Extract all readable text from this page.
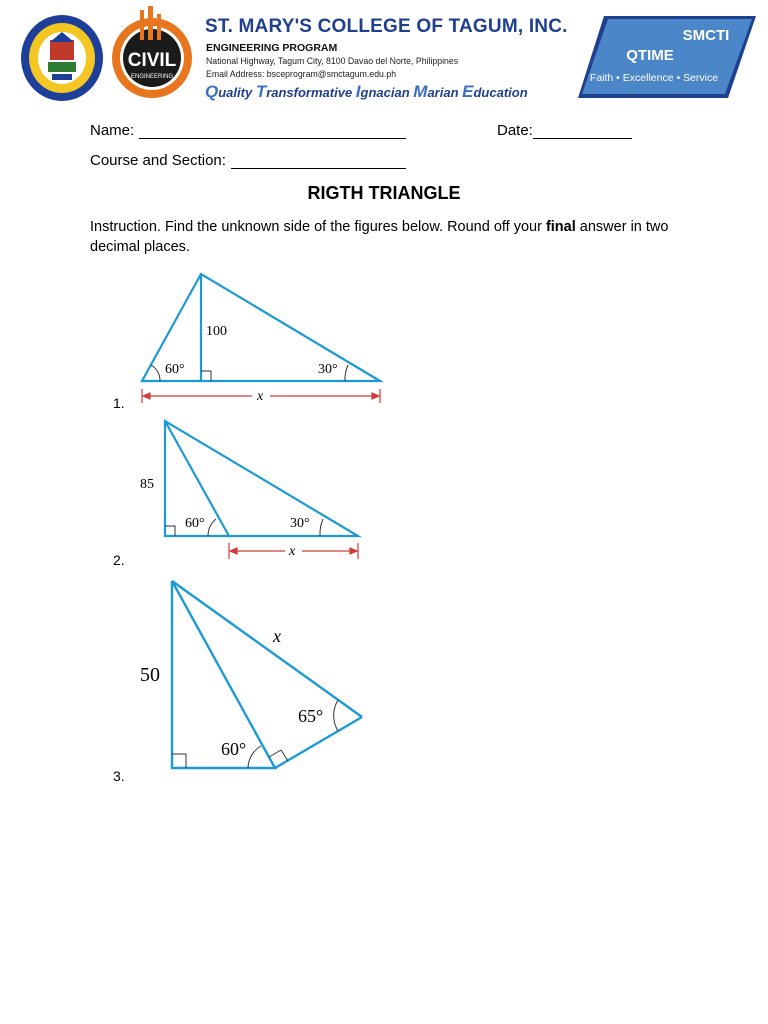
CIVIL
ENGINEERING
ST. MARY'S COLLEGE OF TAGUM, INC.
ENGINEERING PROGRAM
National Highway, Tagum City, 8100 Davao del Norte, Philippines
Email Address: bsceprogram@smctagum.edu.ph
Quality Transformative Ignacian Marian Education
SMCTI
QTIME
Faith • Excellence • Service
Name:	Date:
Course and Section:
RIGTH TRIANGLE
Instruction. Find the unknown side of the figures below. Round off your final answer in two decimal places.
1.
100
60°	30°
x
2.
85
60°	30°
x
3.
50
60°
65°
x
